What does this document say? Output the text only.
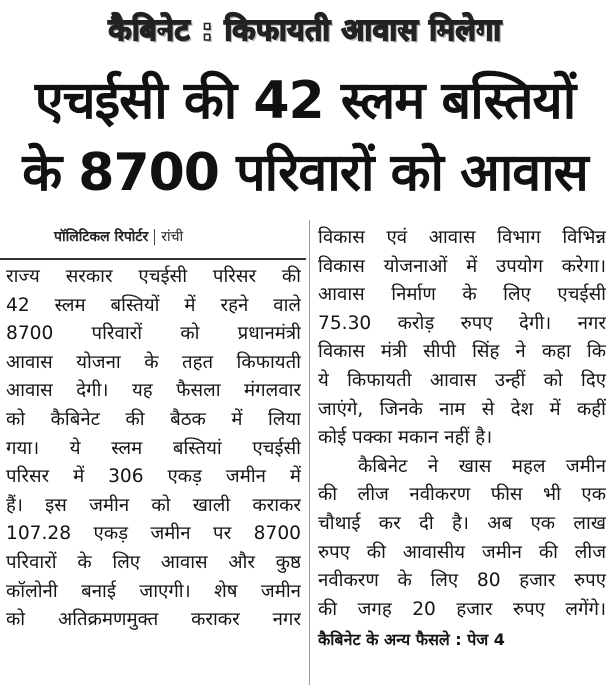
कैबिनेट : किफायती आवास मिलेगा
एचईसी की 42 स्लम बस्तियों
के 8700 परिवारों को आवास
पॉलिटिकल रिपोर्टर रांची
राज्य सरकार एचईसी परिसर की
42 स्लम बस्तियों में रहने वाले
8700 परिवारों को प्रधानमंत्री
आवास योजना के तहत किफायती
आवास देगी। यह फैसला मंगलवार
को कैबिनेट की बैठक में लिया
गया। ये स्लम बस्तियां एचईसी
परिसर में 306 एकड़ जमीन में
हैं। इस जमीन को खाली कराकर
107.28 एकड़ जमीन पर 8700
परिवारों के लिए आवास और कुष्ठ
कॉलोनी बनाई जाएगी। शेष जमीन
को अतिक्रमणमुक्त कराकर नगर
विकास एवं आवास विभाग विभिन्न
विकास योजनाओं में उपयोग करेगा।
आवास निर्माण के लिए एचईसी
75.30 करोड़ रुपए देगी। नगर
विकास मंत्री सीपी सिंह ने कहा कि
ये किफायती आवास उन्हीं को दिए
जाएंगे, जिनके नाम से देश में कहीं
कोई पक्का मकान नहीं है।
कैबिनेट ने खास महल जमीन
की लीज नवीकरण फीस भी एक
चौथाई कर दी है। अब एक लाख
रुपए की आवासीय जमीन की लीज
नवीकरण के लिए 80 हजार रुपए
की जगह 20 हजार रुपए लगेंगे।
कैबिनेट के अन्य फैसले : पेज 4
